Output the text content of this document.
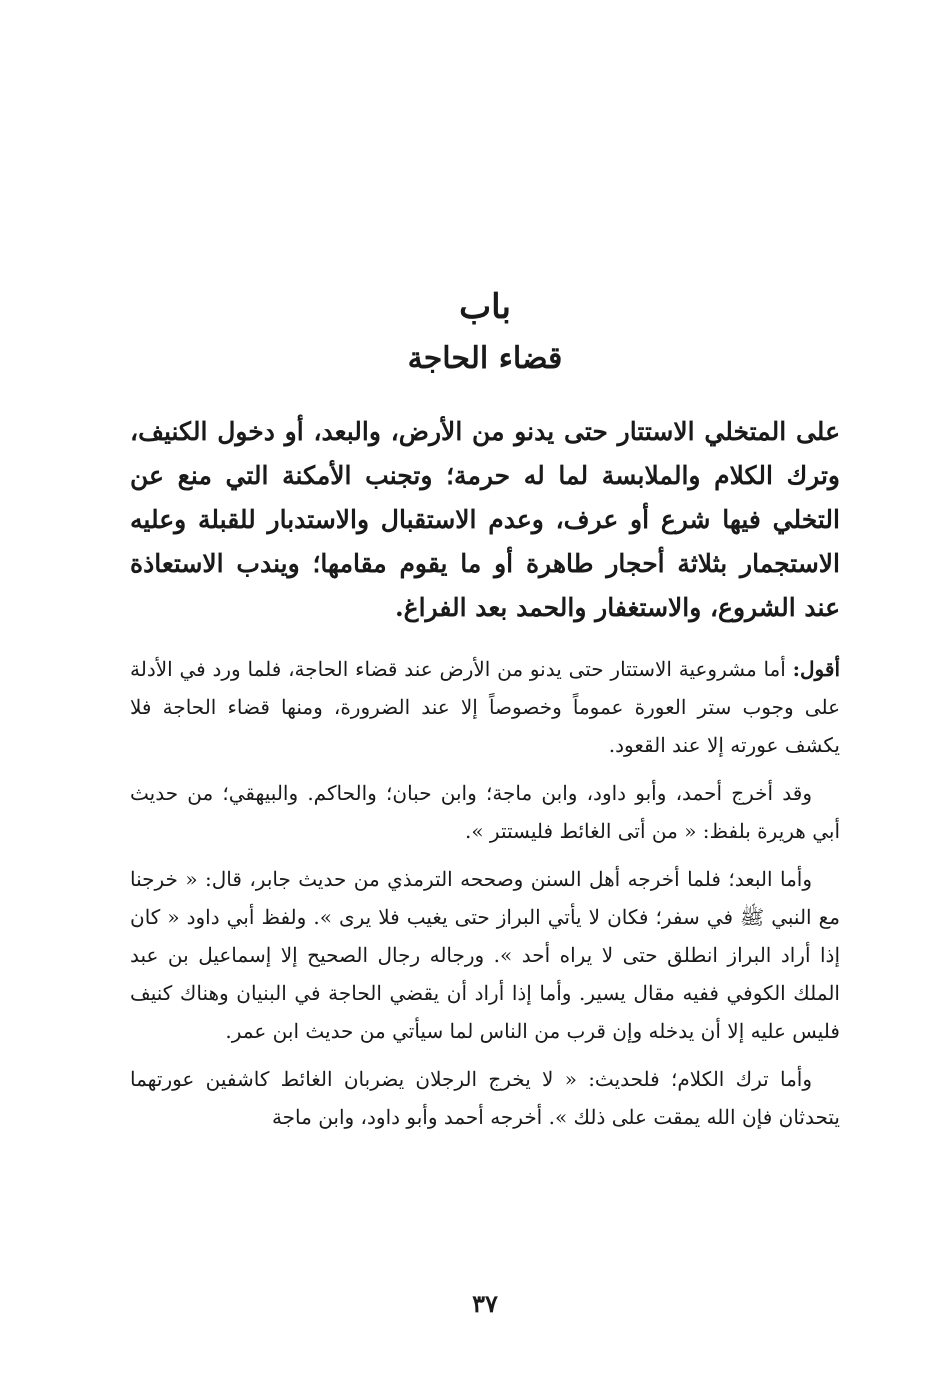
باب
قضاء الحاجة

على المتخلي الاستتار حتى يدنو من الأرض، والبعد، أو دخول الكنيف، وترك الكلام والملابسة لما له حرمة؛ وتجنب الأمكنة التي منع عن التخلي فيها شرع أو عرف، وعدم الاستقبال والاستدبار للقبلة وعليه الاستجمار بثلاثة أحجار طاهرة أو ما يقوم مقامها؛ ويندب الاستعاذة عند الشروع، والاستغفار والحمد بعد الفراغ.

أقول: أما مشروعية الاستتار حتى يدنو من الأرض عند قضاء الحاجة، فلما ورد في الأدلة على وجوب ستر العورة عموماً وخصوصاً إلا عند الضرورة، ومنها قضاء الحاجة فلا يكشف عورته إلا عند القعود.

وقد أخرج أحمد، وأبو داود، وابن ماجة؛ وابن حبان؛ والحاكم. والبيهقي؛ من حديث أبي هريرة بلفظ: « من أتى الغائط فليستتر ».

وأما البعد؛ فلما أخرجه أهل السنن وصححه الترمذي من حديث جابر، قال: « خرجنا مع النبي ﷺ في سفر؛ فكان لا يأتي البراز حتى يغيب فلا يرى ». ولفظ أبي داود « كان إذا أراد البراز انطلق حتى لا يراه أحد ». ورجاله رجال الصحيح إلا إسماعيل بن عبد الملك الكوفي ففيه مقال يسير. وأما إذا أراد أن يقضي الحاجة في البنيان وهناك كنيف فليس عليه إلا أن يدخله وإن قرب من الناس لما سيأتي من حديث ابن عمر.

وأما ترك الكلام؛ فلحديث: « لا يخرج الرجلان يضربان الغائط كاشفين عورتهما يتحدثان فإن الله يمقت على ذلك ». أخرجه أحمد وأبو داود، وابن ماجة

٣٧
